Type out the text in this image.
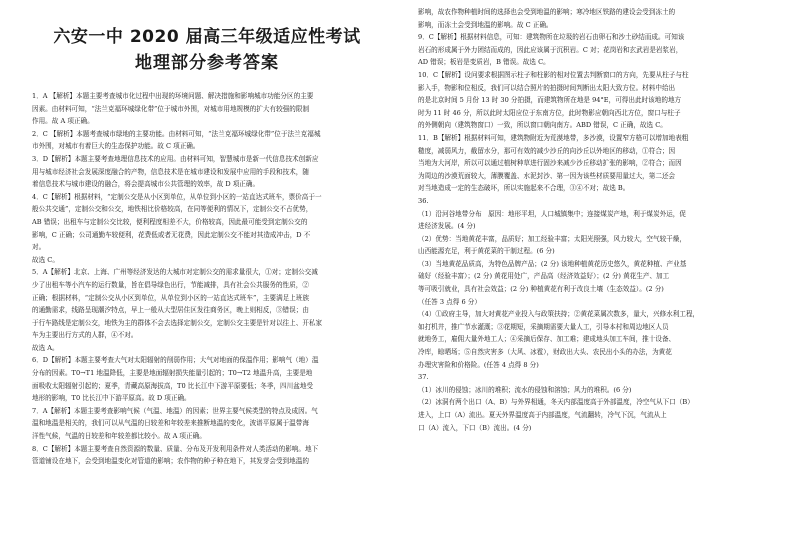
六安一中 2020 届高三年级适应性考试
地理部分参考答案

1．A 【解析】本题主要考查城市化过程中出现的环境问题、解决措施和影响城市功能分区的主要

因素。由材料可知，“法兰克福环城绿化带”位于城市外围，对城市用地规模的扩大有较强的限制

作用。故 A 项正确。

2．C 【解析】本题考查城市绿地的主要功能。由材料可知，“法兰克福环城绿化带”位于法兰克福城

市外围，对城市有着巨大的生态保护功能。故 C 项正确。

3．D【解析】本题主要考查地理信息技术的应用。由材料可知，智慧城市是新一代信息技术创新应

用与城市经济社会发展深度融合的产物，信息技术是在城市建设和发展中应用的手段和技术，随

着信息技术与城市建设的融合，将会提高城市公共管理的效率，故 D 项正确。

4．C【解析】根据材料，“定制公交是从小区到单位，从单位到小区的一站直达式班车，票价高于一

般公共交通”，定制公交和公交，地铁相比价格较高，在同等便利的情况下，定制公交不占优势，

AB 错误；出租车与定制公交比较，便利程度相差不大，价格较高，因此最可能受到定制公交的

影响，C 正确；公司通勤车较便利，花费低或者无花费，因此定制公交不能对其造成冲击，D 不

对。

故选 C。

5．A【解析】北京、上海、广州等经济发达的大城市对定制公交的需求量很大，①对；定制公交减

少了出租车等小汽车的运行数量，旨在倡导绿色出行，节能减排，具有社会公共服务的性质，②

正确；根据材料，“定制公交从小区到单位，从单位到小区的一站直达式班车”，主要满足上班族

的通勤需求，线路呈现潮汐特点，早上一般从大型居住区发往商务区，晚上则相反，③错误；由

于行车路线是定制公交，地铁为主的群体不会去选择定制公交，定制公交主要是针对以往上、开私家

车为主要出行方式的人群，④不对。

故选 A。

6．D【解析】本题主要考查大气对太阳辐射的削弱作用；大气对地面的保温作用；影响气（地）温

分布的因素。T0→T1 地温降低，主要是地面辐射损失能量引起的；T0→T2 地温升高，主要是地

面吸收太阳辐射引起的；夏季，青藏高原海拔高，T0 比长江中下游平原要低；冬季，四川盆地受

地形的影响，T0 比长江中下游平原高。故 D 项正确。

7．A【解析】本题主要考查影响气候（气温、地温）的因素；世界主要气候类型的特点及成因。气

温和地温是相关的，我们可以从气温的日较差和年较差来推断地温的变化，波谱平原属于温带海

洋性气候，气温的日较差和年较差都比较小。故 A 项正确。

8．C【解析】本题主要考查自然资源的数量、质量、分布及开发利用条件对人类活动的影响。地下

管道铺设在地下，会受到地温变化对管道的影响；农作物的种子种在地下，其发芽会受到地温的

影响，故农作物种植时间的选择也会受到地温的影响；寒冷地区铁路的建设会受到冻土的

影响，而冻土会受到地温的影响。故 C 正确。

9．C【解析】根据材料信息，可知：建筑物所在垃圾的岩石由卵石和沙土砂结而成。可知该

岩石的形成属于外力团结而成的，因此应该属于沉积岩。C 对；花岗岩和玄武岩是岩浆岩，

AD 错误；板岩是变质岩，B 错误。故选 C。

10．C【解析】设问要求根据图示柱子和柱影的相对位置去判断窗口的方向，先要从柱子与柱

影入手，物影和位相反，我们可以结合照片的拍摄时间判断出太阳大致方位。材料中给出

的是北京时间 5 月份 13 时 30 分拍摄，而建筑物所在地是 94°E，可得出此时该地的地方

时为 11 时 46 分，所以此时太阳应位于东南方位，此时物影应朝向西北方位，窗口与柱子

的外侧朝向（建筑物窗口）一致，所以窗口朝向南方。ABD 错误，C 正确，故选 C。

11．B【解析】根据材料可知，建筑物附近为荒漠地带，多沙漠，设置窄方格可以增加地表粗

糙度，减弱风力，截留水分，那可有效的减少沙丘的向沙丘以外地区的移动，①符合；因

当地为大河岸，所以可以通过植树种草进行固沙来减少沙丘移动扩张的影响，②符合；而因

为周边的沙漠荒面较大，薄膜覆盖、水泥封沙、第一因为该些材质要用量过大，第二还会

对当地造成一定的生态破坏，所以实施起来不合理，③④不对；故选 B。

36.

（1）沿河谷地带分布　原因：地形平坦，人口城镇集中；连接煤炭产地，利于煤炭外运，促

进经济发展。(4 分)

（2）优势：当地黄花丰富，品质好；加工经验丰富；太阳光照强，风力较大，空气较干燥，

山西能源充足，利于黄花菜的干制过程。(6 分)

（3）当地黄花品质高，为特色品牌产品；(2 分) 该地种植黄花历史悠久，黄花种植、产业基

础好（经验丰富）；(2 分) 黄花用处广，产品高（经济效益好）；(2 分) 黄花生产、加工

等可吸引就业，具有社会效益；(2 分) 种植黄花有利于改良土壤（生态效益）。(2 分)

（任答 3 点得 6 分）

（4）①政府主导，加大对黄花产业投入与政策扶持；②黄花菜属次数多，量大，兴修水利工程，

如打机井，推广节水灌溉；③花期短，采摘期需要大量人工，引导本村和周边地区人员

就地务工，雇佣大量外地工人；④采摘后保存、加工难；建成地头加工车间，推十设备、

冷库，晾晒场；⑤自然灾害多（大风、冰雹），财政出大头、农民出小头的办法，为黄花

办理灾害险和价格险。(任答 4 点得 8 分)

37.

（1）冰川的侵蚀；冰川的堆积；流水的侵蚀和溶蚀；风力的堆积。(6 分)

（2）冰洞有两个出口（A、B）与外界相通，冬天内部温度高于外部温度，冷空气从下口（B）

进入，上口（A）流出。夏天外界温度高于内部温度，气流翻转，冷气下沉，气流从上

口（A）流入，下口（B）流出。(4 分)
